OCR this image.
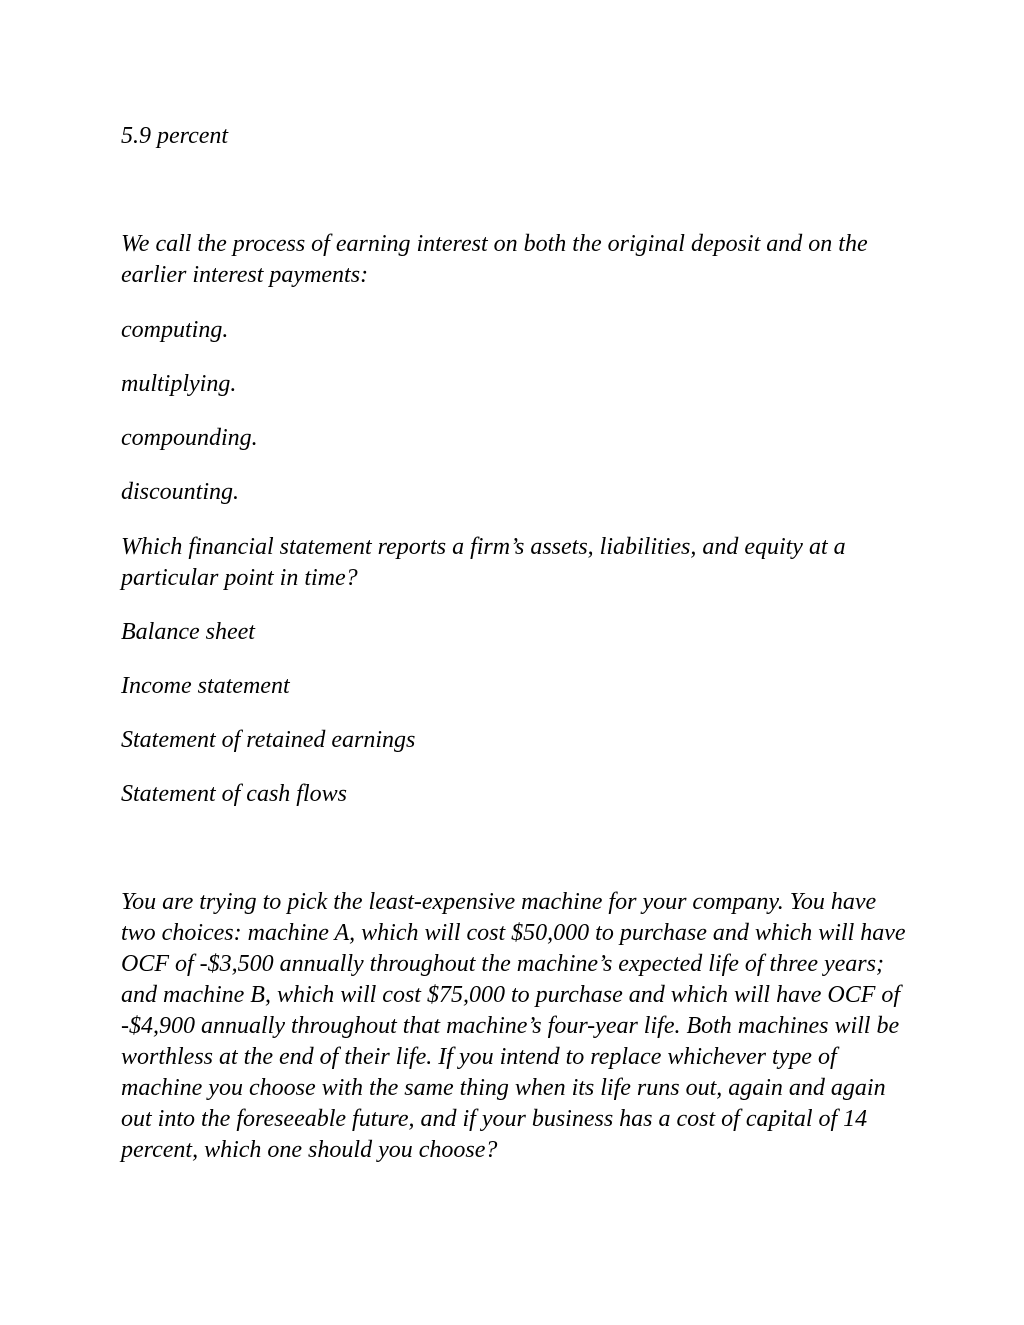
5.9 percent

We call the process of earning interest on both the original deposit and on the earlier interest payments:

computing.

multiplying.

compounding.

discounting.

Which financial statement reports a firm’s assets, liabilities, and equity at a particular point in time?

Balance sheet

Income statement

Statement of retained earnings

Statement of cash flows

You are trying to pick the least-expensive machine for your company. You have two choices: machine A, which will cost $50,000 to purchase and which will have OCF of -$3,500 annually throughout the machine’s expected life of three years; and machine B, which will cost $75,000 to purchase and which will have OCF of -$4,900 annually throughout that machine’s four-year life. Both machines will be worthless at the end of their life. If you intend to replace whichever type of machine you choose with the same thing when its life runs out, again and again out into the foreseeable future, and if your business has a cost of capital of 14 percent, which one should you choose?
